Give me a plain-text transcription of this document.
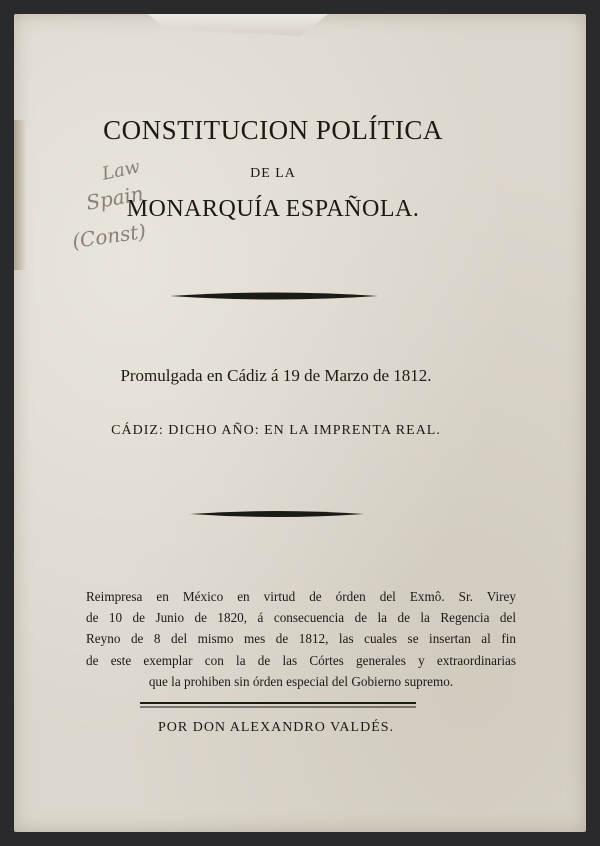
CONSTITUCION POLÍTICA
DE LA
MONARQUÍA ESPAÑOLA.
Law
Spain
(Const)
Promulgada en Cádiz á 19 de Marzo de 1812.
CÁDIZ: DICHO AÑO: EN LA IMPRENTA REAL.
Reimpresa en México en virtud de órden del Exmô. Sr. Virey
de 10 de Junio de 1820, á consecuencia de la de la Regencia del
Reyno de 8 del mismo mes de 1812, las cuales se insertan al fin
de este exemplar con la de las Córtes generales y extraordinarias
que la prohiben sin órden especial del Gobierno supremo.
POR DON ALEXANDRO VALDÉS.
